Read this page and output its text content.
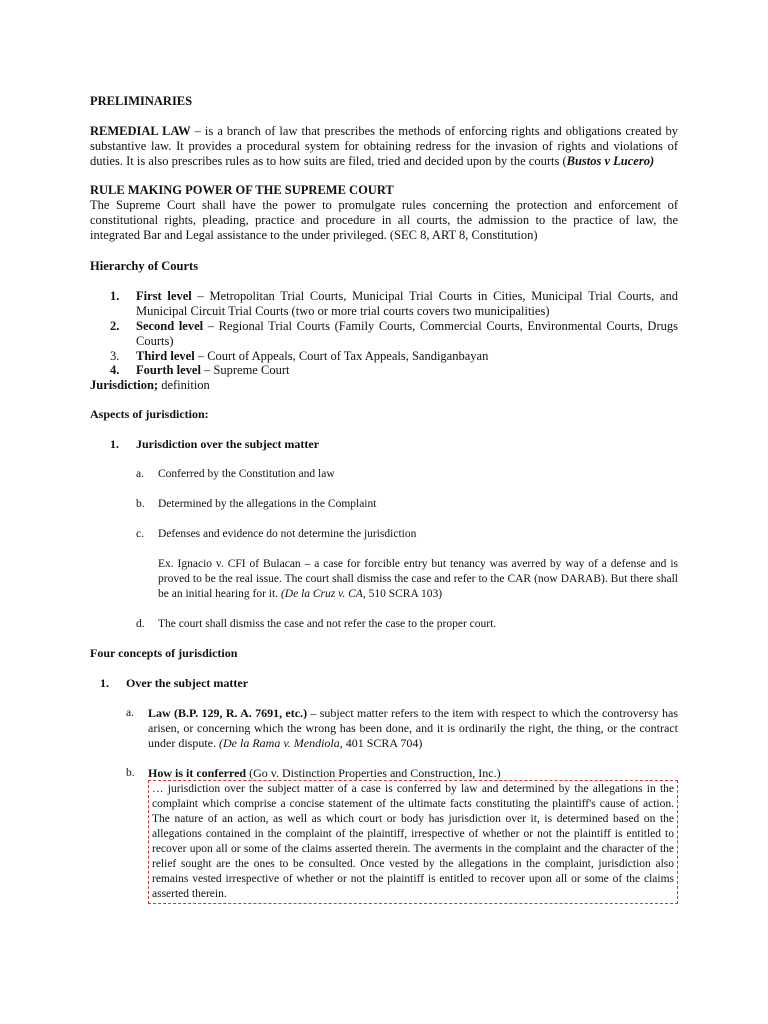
PRELIMINARIES

REMEDIAL LAW – is a branch of law that prescribes the methods of enforcing rights and obligations created by substantive law. It provides a procedural system for obtaining redress for the invasion of rights and violations of duties. It is also prescribes rules as to how suits are filed, tried and decided upon by the courts (Bustos v Lucero)

RULE MAKING POWER OF THE SUPREME COURT

The Supreme Court shall have the power to promulgate rules concerning the protection and enforcement of constitutional rights, pleading, practice and procedure in all courts, the admission to the practice of law, the integrated Bar and Legal assistance to the under privileged. (SEC 8, ART 8, Constitution)

Hierarchy of Courts

1. First level – Metropolitan Trial Courts, Municipal Trial Courts in Cities, Municipal Trial Courts, and Municipal Circuit Trial Courts (two or more trial courts covers two municipalities)

2. Second level – Regional Trial Courts (Family Courts, Commercial Courts, Environmental Courts, Drugs Courts)

3. Third level – Court of Appeals, Court of Tax Appeals, Sandiganbayan

4. Fourth level – Supreme Court

Jurisdiction; definition

Aspects of jurisdiction:

1. Jurisdiction over the subject matter

a. Conferred by the Constitution and law

b. Determined by the allegations in the Complaint

c. Defenses and evidence do not determine the jurisdiction

Ex. Ignacio v. CFI of Bulacan – a case for forcible entry but tenancy was averred by way of a defense and is proved to be the real issue. The court shall dismiss the case and refer to the CAR (now DARAB). But there shall be an initial hearing for it. (De la Cruz v. CA, 510 SCRA 103)

d. The court shall dismiss the case and not refer the case to the proper court.

Four concepts of jurisdiction

1. Over the subject matter

a. Law (B.P. 129, R. A. 7691, etc.) – subject matter refers to the item with respect to which the controversy has arisen, or concerning which the wrong has been done, and it is ordinarily the right, the thing, or the contract under dispute. (De la Rama v. Mendiola, 401 SCRA 704)

b. How is it conferred (Go v. Distinction Properties and Construction, Inc.)

… jurisdiction over the subject matter of a case is conferred by law and determined by the allegations in the complaint which comprise a concise statement of the ultimate facts constituting the plaintiff's cause of action. The nature of an action, as well as which court or body has jurisdiction over it, is determined based on the allegations contained in the complaint of the plaintiff, irrespective of whether or not the plaintiff is entitled to recover upon all or some of the claims asserted therein. The averments in the complaint and the character of the relief sought are the ones to be consulted. Once vested by the allegations in the complaint, jurisdiction also remains vested irrespective of whether or not the plaintiff is entitled to recover upon all or some of the claims asserted therein.
